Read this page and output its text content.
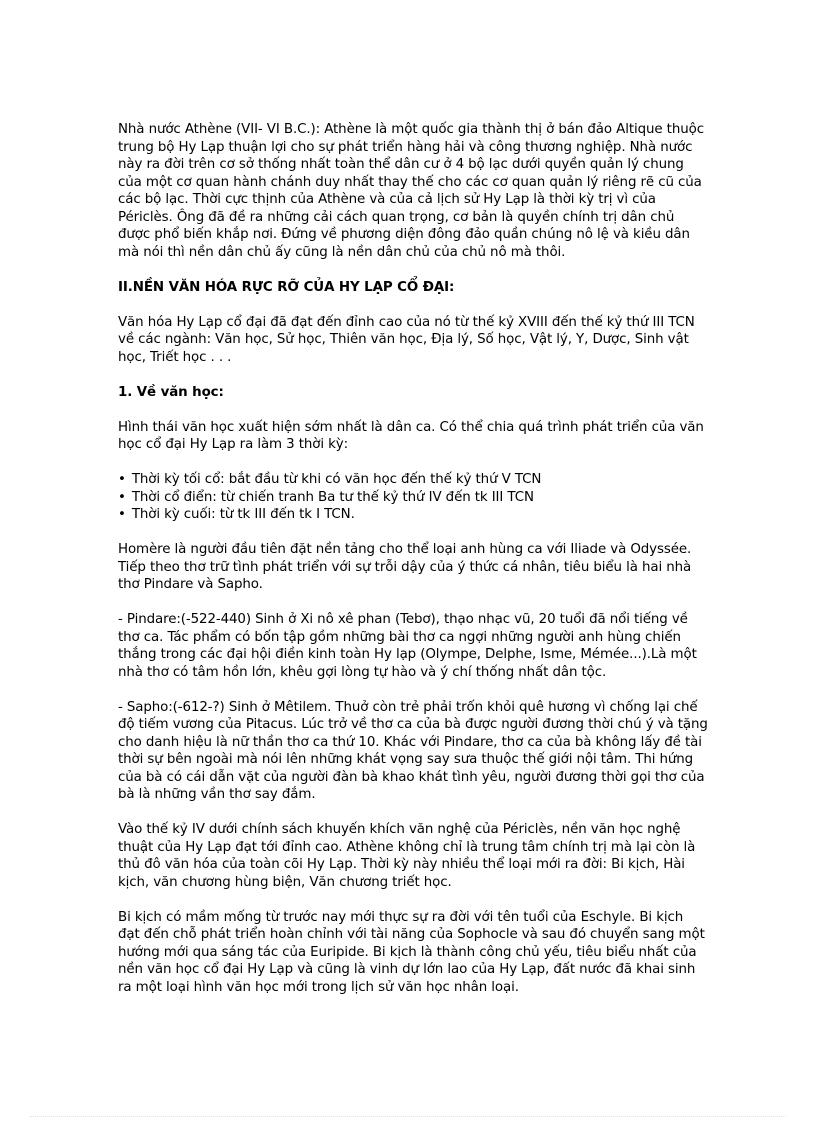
Nhà nước Athène (VII- VI B.C.): Athène là một quốc gia thành thị ở bán đảo Altique thuộc trung bộ Hy Lạp thuận lợi cho sự phát triển hàng hải và công thương nghiệp. Nhà nước này ra đời trên cơ sở thống nhất toàn thể dân cư ở 4 bộ lạc dưới quyền quản lý chung của một cơ quan hành chánh duy nhất thay thế cho các cơ quan quản lý riêng rẽ cũ của các bộ lạc. Thời cực thịnh của Athène và của cả lịch sử Hy Lạp là thời kỳ trị vì của Périclès. Ông đã đề ra những cải cách quan trọng, cơ bản là quyền chính trị dân chủ được phổ biến khắp nơi. Đứng về phương diện đông đảo quần chúng nô lệ và kiều dân mà nói thì nền dân chủ ấy cũng là nền dân chủ của chủ nô mà thôi.

II.NỀN VĂN HÓA RỰC RỠ CỦA HY LẠP CỔ ĐẠI:

Văn hóa Hy Lạp cổ đại đã đạt đến đỉnh cao của nó từ thế kỷ XVIII đến thế kỷ thứ III TCN về các ngành: Văn học, Sử học, Thiên văn học, Địa lý, Số học, Vật lý, Y, Dược, Sinh vật học, Triết học . . .

1. Về văn học:

Hình thái văn học xuất hiện sớm nhất là dân ca. Có thể chia quá trình phát triển của văn học cổ đại Hy Lạp ra làm 3 thời kỳ:

• Thời kỳ tối cổ: bắt đầu từ khi có văn học đến thế kỷ thứ V TCN
• Thời cổ điển: từ chiến tranh Ba tư thế kỷ thứ IV đến tk III TCN
• Thời kỳ cuối: từ tk III đến tk I TCN.

Homère là người đầu tiên đặt nền tảng cho thể loại anh hùng ca với Iliade và Odyssée. Tiếp theo thơ trữ tình phát triển với sự trỗi dậy của ý thức cá nhân, tiêu biểu là hai nhà thơ Pindare và Sapho.

- Pindare:(-522-440) Sinh ở Xi nô xê phan (Tebơ), thạo nhạc vũ, 20 tuổi đã nổi tiếng về thơ ca. Tác phẩm có bốn tập gồm những bài thơ ca ngợi những người anh hùng chiến thắng trong các đại hội điền kinh toàn Hy lạp (Olympe, Delphe, Isme, Mémée...).Là một nhà thơ có tâm hồn lớn, khêu gợi lòng tự hào và ý chí thống nhất dân tộc.

- Sapho:(-612-?) Sinh ở Mêtilem. Thuở còn trẻ phải trốn khỏi quê hương vì chống lại chế độ tiếm vương của Pitacus. Lúc trở về thơ ca của bà được người đương thời chú ý và tặng cho danh hiệu là nữ thần thơ ca thứ 10. Khác với Pindare, thơ ca của bà không lấy đề tài thời sự bên ngoài mà nói lên những khát vọng say sưa thuộc thế giới nội tâm. Thi hứng của bà có cái dẫn vặt của người đàn bà khao khát tình yêu, người đương thời gọi thơ của bà là những vần thơ say đắm.

Vào thế kỷ IV dưới chính sách khuyến khích văn nghệ của Périclès, nền văn học nghệ thuật của Hy Lạp đạt tới đỉnh cao. Athène không chỉ là trung tâm chính trị mà lại còn là thủ đô văn hóa của toàn cõi Hy Lạp. Thời kỳ này nhiều thể loại mới ra đời: Bi kịch, Hài kịch, văn chương hùng biện, Văn chương triết học.

Bi kịch có mầm mống từ trước nay mới thực sự ra đời với tên tuổi của Eschyle. Bi kịch đạt đến chỗ phát triển hoàn chỉnh với tài năng của Sophocle và sau đó chuyển sang một hướng mới qua sáng tác của Euripide. Bi kịch là thành công chủ yếu, tiêu biểu nhất của nền văn học cổ đại Hy Lạp và cũng là vinh dự lớn lao của Hy Lạp, đất nước đã khai sinh ra một loại hình văn học mới trong lịch sử văn học nhân loại.
